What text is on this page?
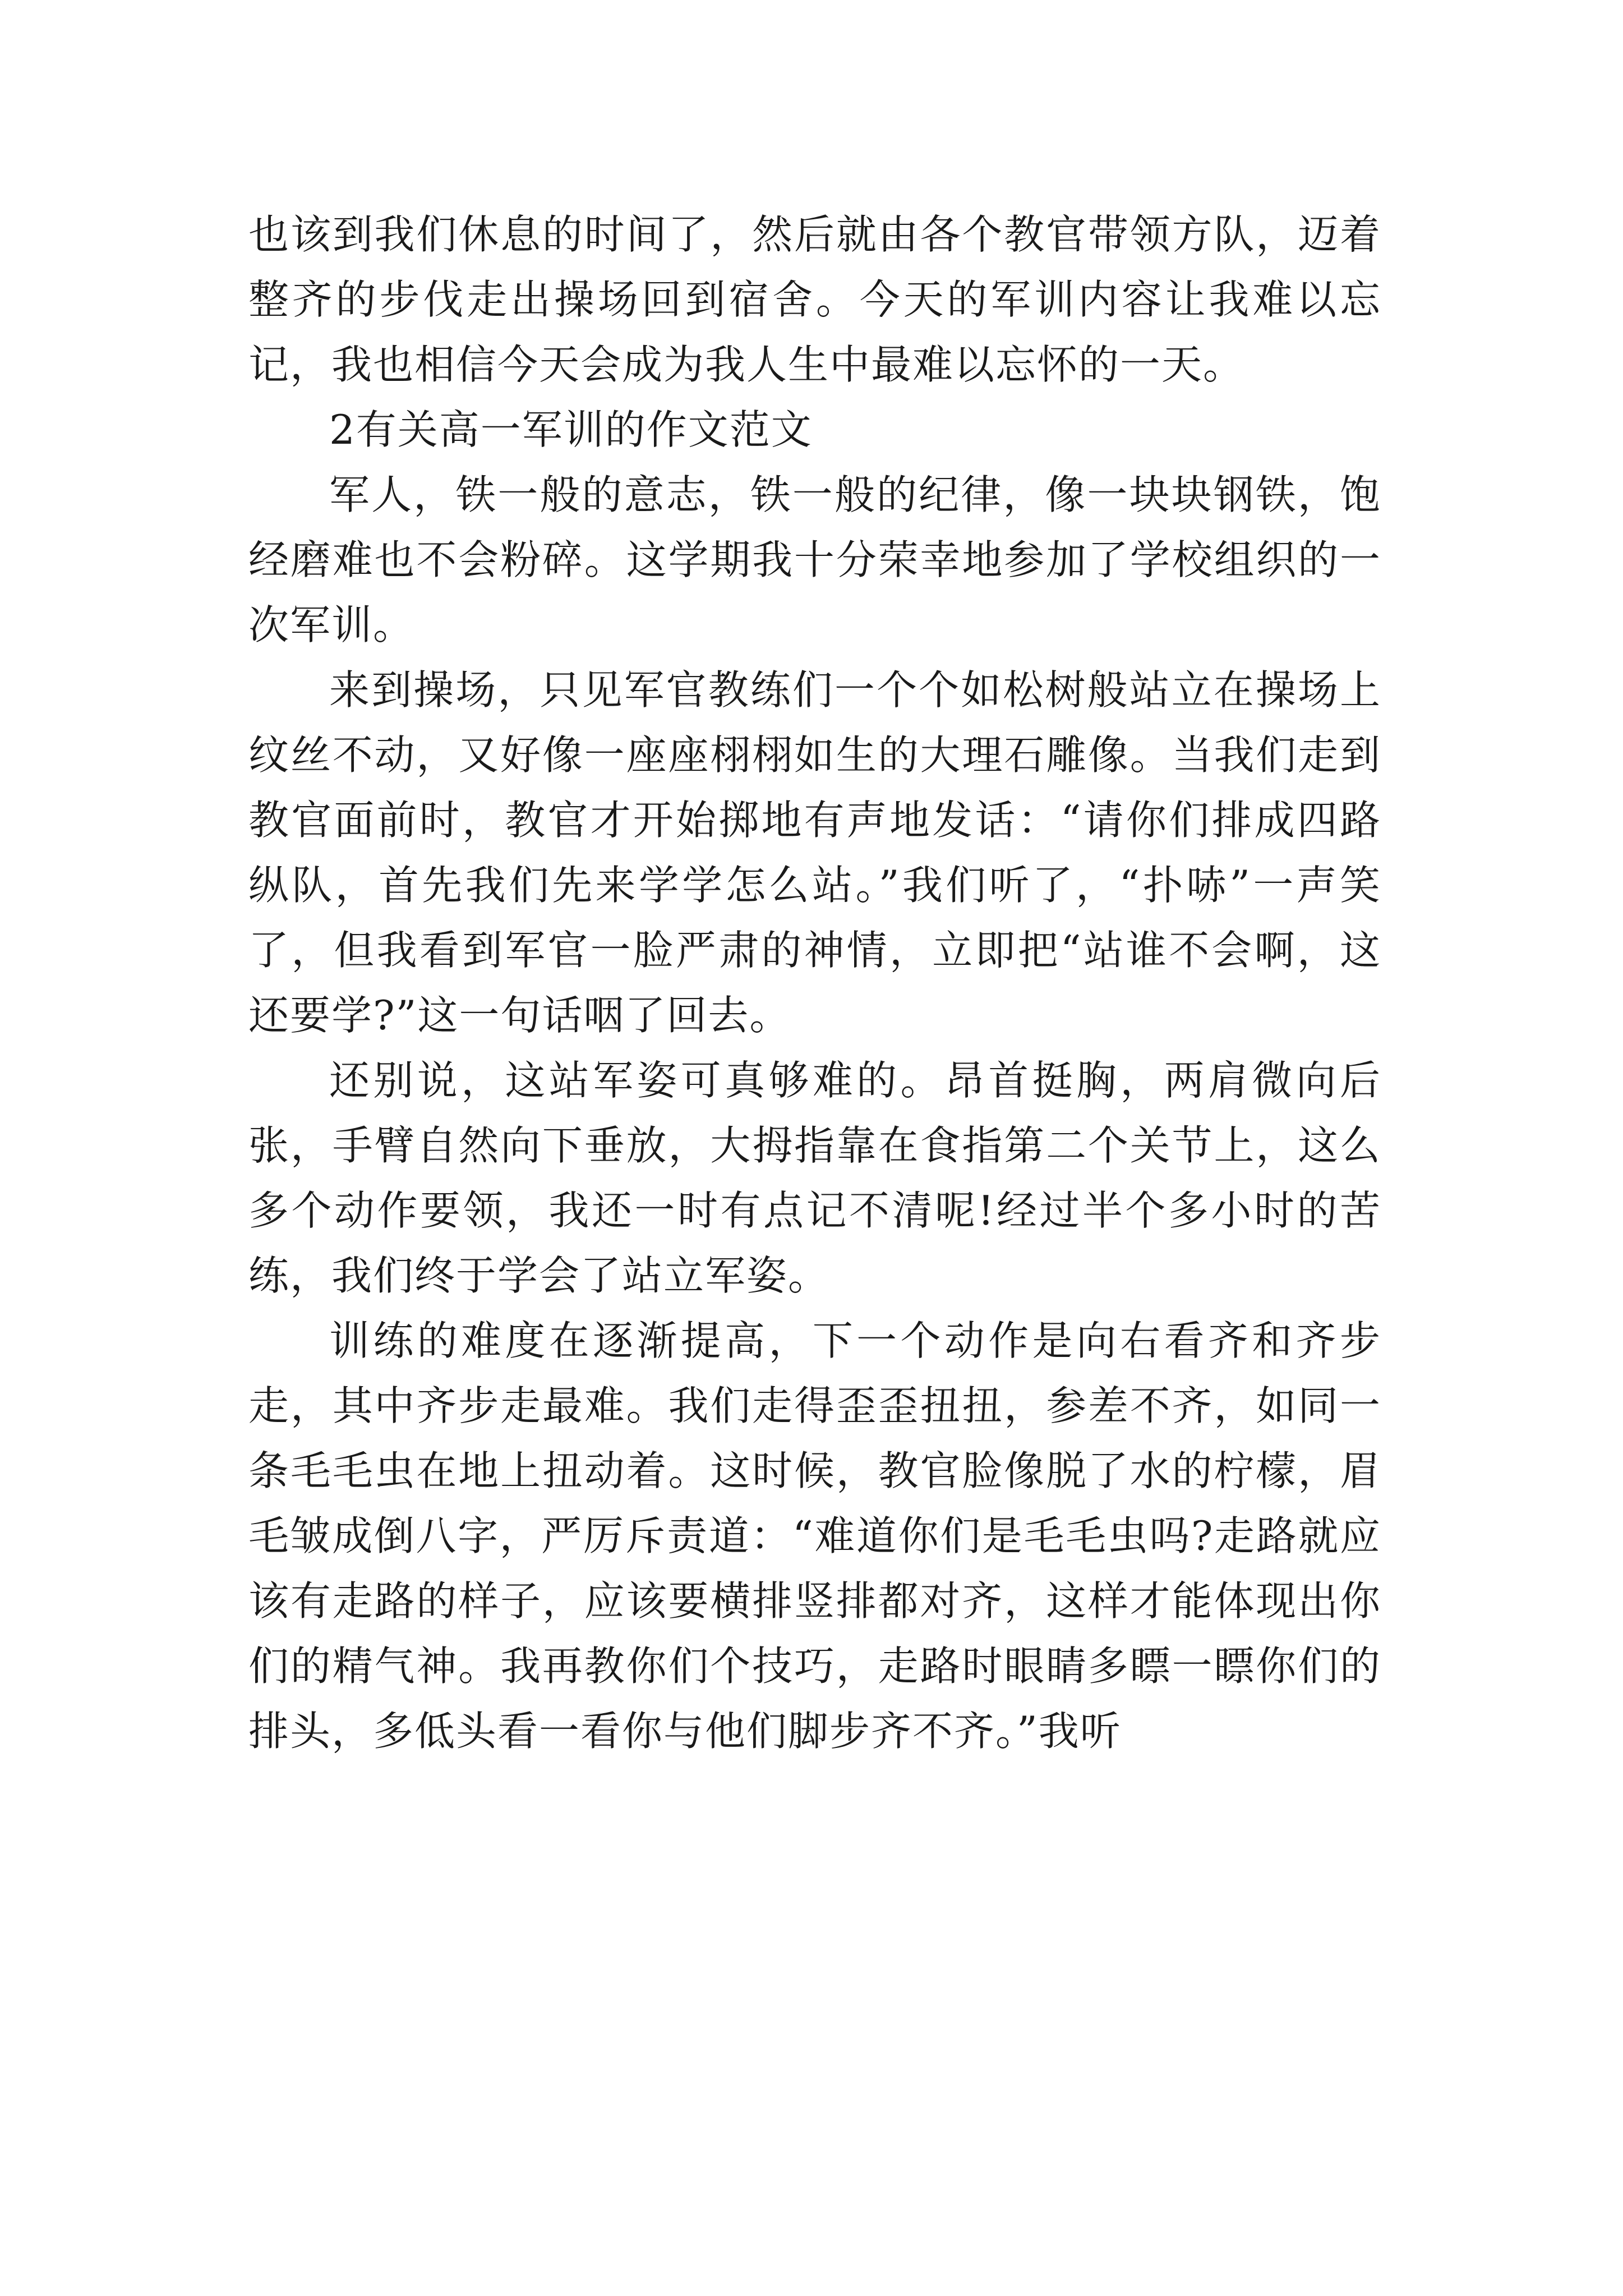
也该到我们休息的时间了，然后就由各个教官带领方队，迈着整齐的步伐走出操场回到宿舍。今天的军训内容让我难以忘记，我也相信今天会成为我人生中最难以忘怀的一天。

2有关高一军训的作文范文

军人，铁一般的意志，铁一般的纪律，像一块块钢铁，饱经磨难也不会粉碎。这学期我十分荣幸地参加了学校组织的一次军训。

来到操场，只见军官教练们一个个如松树般站立在操场上纹丝不动，又好像一座座栩栩如生的大理石雕像。当我们走到教官面前时，教官才开始掷地有声地发话：“请你们排成四路纵队，首先我们先来学学怎么站。”我们听了，“扑哧”一声笑了，但我看到军官一脸严肃的神情，立即把“站谁不会啊，这还要学?”这一句话咽了回去。

还别说，这站军姿可真够难的。昂首挺胸，两肩微向后张，手臂自然向下垂放，大拇指靠在食指第二个关节上，这么多个动作要领，我还一时有点记不清呢!经过半个多小时的苦练，我们终于学会了站立军姿。

训练的难度在逐渐提高，下一个动作是向右看齐和齐步走，其中齐步走最难。我们走得歪歪扭扭，参差不齐，如同一条毛毛虫在地上扭动着。这时候，教官脸像脱了水的柠檬，眉毛皱成倒八字，严厉斥责道：“难道你们是毛毛虫吗?走路就应该有走路的样子，应该要横排竖排都对齐，这样才能体现出你们的精气神。我再教你们个技巧，走路时眼睛多瞟一瞟你们的排头，多低头看一看你与他们脚步齐不齐。”我听
